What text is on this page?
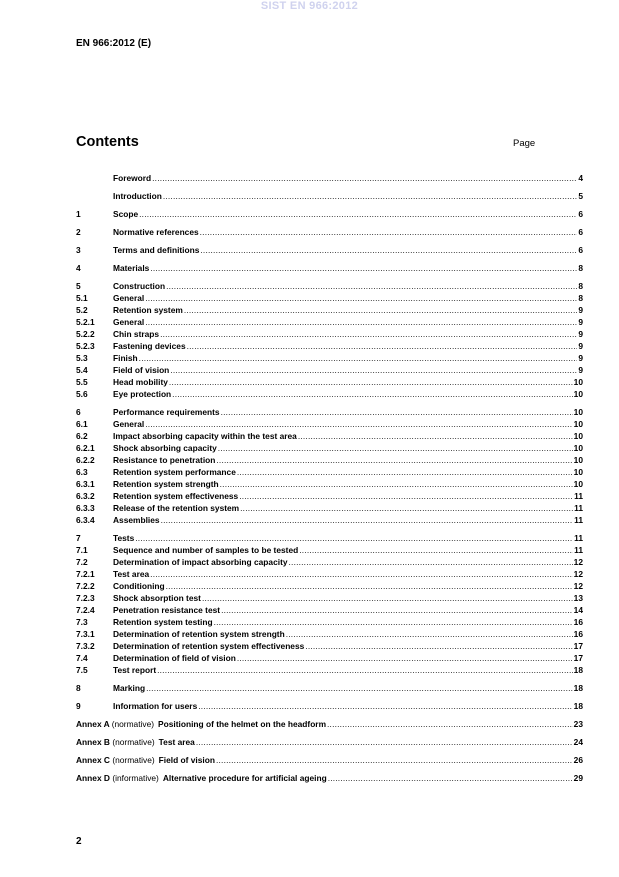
SIST EN 966:2012
EN 966:2012 (E)
Contents	Page
Foreword .....	4
Introduction .....	5
1	Scope .....	6
2	Normative references .....	6
3	Terms and definitions .....	6
4	Materials .....	8
5	Construction .....	8
5.1	General .....	8
5.2	Retention system .....	9
5.2.1	General .....	9
5.2.2	Chin straps .....	9
5.2.3	Fastening devices .....	9
5.3	Finish .....	9
5.4	Field of vision .....	9
5.5	Head mobility .....	10
5.6	Eye protection .....	10
6	Performance requirements .....	10
6.1	General .....	10
6.2	Impact absorbing capacity within the test area .....	10
6.2.1	Shock absorbing capacity .....	10
6.2.2	Resistance to penetration .....	10
6.3	Retention system performance .....	10
6.3.1	Retention system strength .....	10
6.3.2	Retention system effectiveness .....	11
6.3.3	Release of the retention system .....	11
6.3.4	Assemblies .....	11
7	Tests .....	11
7.1	Sequence and number of samples to be tested .....	11
7.2	Determination of impact absorbing capacity .....	12
7.2.1	Test area .....	12
7.2.2	Conditioning .....	12
7.2.3	Shock absorption test .....	13
7.2.4	Penetration resistance test .....	14
7.3	Retention system testing .....	16
7.3.1	Determination of retention system strength .....	16
7.3.2	Determination of retention system effectiveness .....	17
7.4	Determination of field of vision .....	17
7.5	Test report .....	18
8	Marking .....	18
9	Information for users .....	18
Annex A (normative) Positioning of the helmet on the headform .....	23
Annex B (normative) Test area .....	24
Annex C (normative) Field of vision .....	26
Annex D (informative) Alternative procedure for artificial ageing .....	29
2
